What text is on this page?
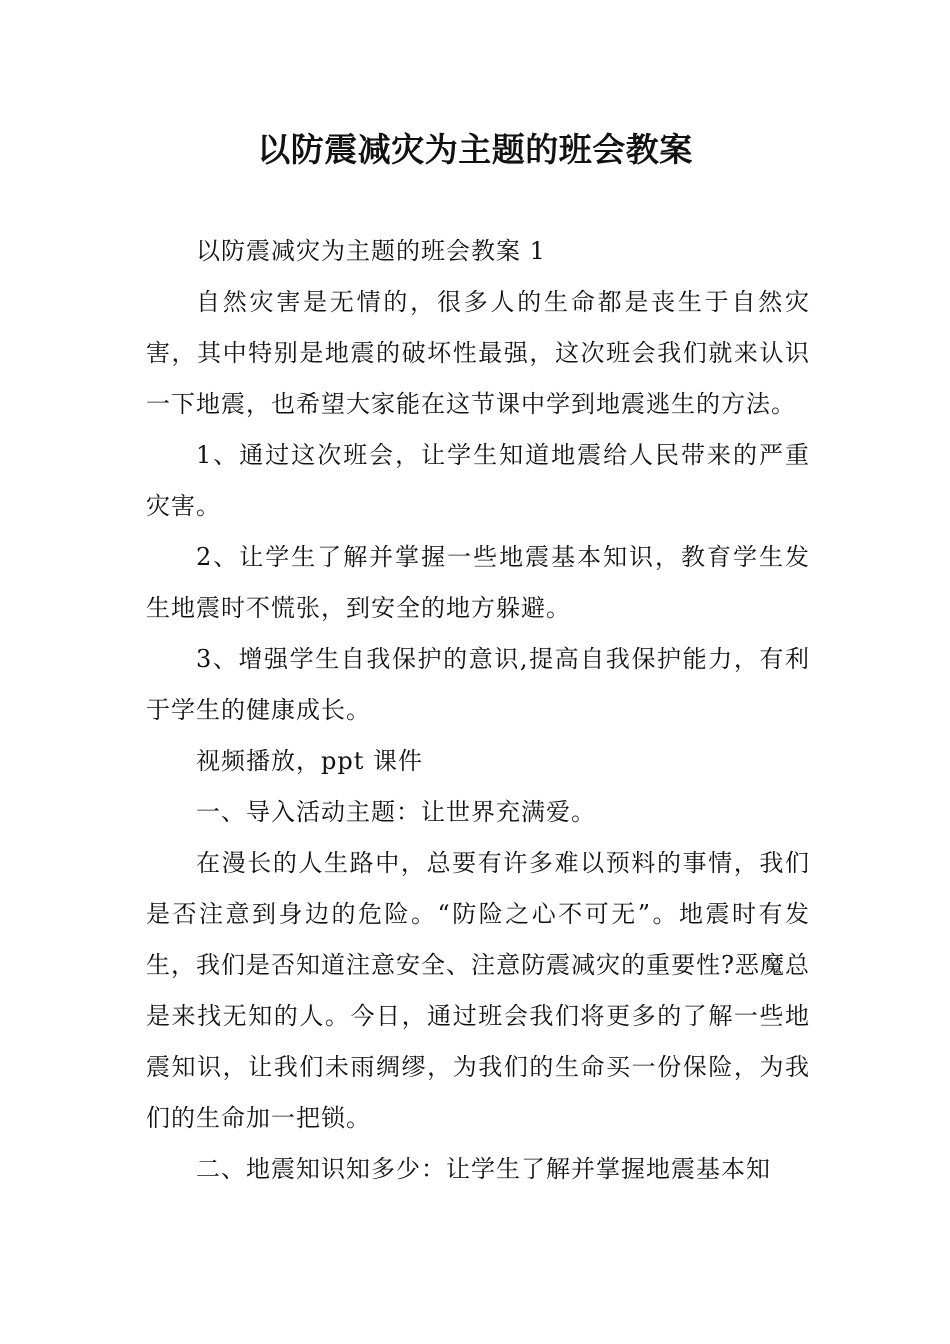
以防震减灾为主题的班会教案

以防震减灾为主题的班会教案 1

自然灾害是无情的，很多人的生命都是丧生于自然灾害，其中特别是地震的破坏性最强，这次班会我们就来认识一下地震，也希望大家能在这节课中学到地震逃生的方法。

1、通过这次班会，让学生知道地震给人民带来的严重灾害。

2、让学生了解并掌握一些地震基本知识，教育学生发生地震时不慌张，到安全的地方躲避。

3、增强学生自我保护的意识,提高自我保护能力，有利于学生的健康成长。

视频播放，ppt 课件

一、导入活动主题：让世界充满爱。

在漫长的人生路中，总要有许多难以预料的事情，我们是否注意到身边的危险。“防险之心不可无”。地震时有发生，我们是否知道注意安全、注意防震减灾的重要性?恶魔总是来找无知的人。今日，通过班会我们将更多的了解一些地震知识，让我们未雨绸缪，为我们的生命买一份保险，为我们的生命加一把锁。

二、地震知识知多少：让学生了解并掌握地震基本知
